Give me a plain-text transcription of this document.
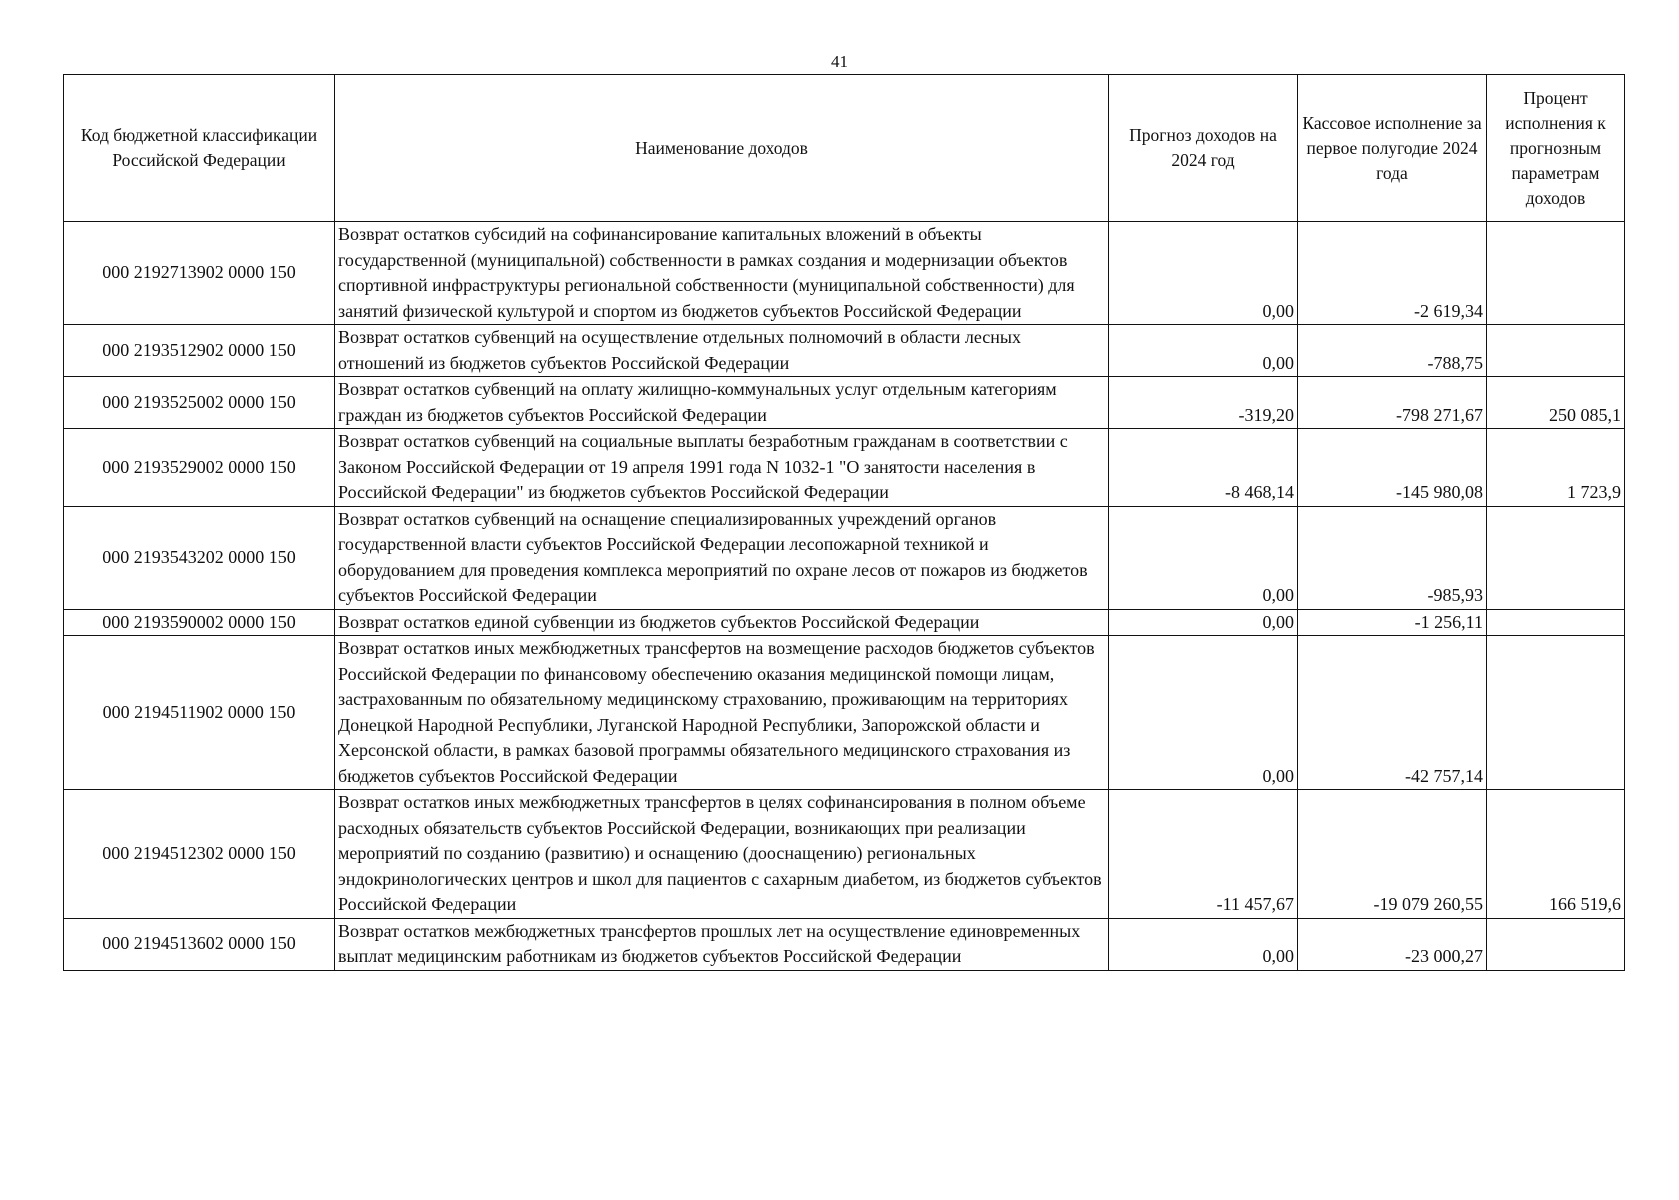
41
Код бюджетной классификации Российской Федерации	Наименование доходов	Прогноз доходов на 2024 год	Кассовое исполнение за первое полугодие 2024 года	Процент исполнения к прогнозным параметрам доходов
000 2192713902 0000 150	Возврат остатков субсидий на софинансирование капитальных вложений в объекты государственной (муниципальной) собственности в рамках создания и модернизации объектов спортивной инфраструктуры региональной собственности (муниципальной собственности) для занятий физической культурой и спортом из бюджетов субъектов Российской Федерации	0,00	-2 619,34	
000 2193512902 0000 150	Возврат остатков субвенций на осуществление отдельных полномочий в области лесных отношений из бюджетов субъектов Российской Федерации	0,00	-788,75	
000 2193525002 0000 150	Возврат остатков субвенций на оплату жилищно-коммунальных услуг отдельным категориям граждан из бюджетов субъектов Российской Федерации	-319,20	-798 271,67	250 085,1
000 2193529002 0000 150	Возврат остатков субвенций на социальные выплаты безработным гражданам в соответствии с Законом Российской Федерации от 19 апреля 1991 года N 1032-1 "О занятости населения в Российской Федерации" из бюджетов субъектов Российской Федерации	-8 468,14	-145 980,08	1 723,9
000 2193543202 0000 150	Возврат остатков субвенций на оснащение специализированных учреждений органов государственной власти субъектов Российской Федерации лесопожарной техникой и оборудованием для проведения комплекса мероприятий по охране лесов от пожаров из бюджетов субъектов Российской Федерации	0,00	-985,93	
000 2193590002 0000 150	Возврат остатков единой субвенции из бюджетов субъектов Российской Федерации	0,00	-1 256,11	
000 2194511902 0000 150	Возврат остатков иных межбюджетных трансфертов на возмещение расходов бюджетов субъектов Российской Федерации по финансовому обеспечению оказания медицинской помощи лицам, застрахованным по обязательному медицинскому страхованию, проживающим на территориях Донецкой Народной Республики, Луганской Народной Республики, Запорожской области и Херсонской области, в рамках базовой программы обязательного медицинского страхования из бюджетов субъектов Российской Федерации	0,00	-42 757,14	
000 2194512302 0000 150	Возврат остатков иных межбюджетных трансфертов в целях софинансирования в полном объеме расходных обязательств субъектов Российской Федерации, возникающих при реализации мероприятий по созданию (развитию) и оснащению (дооснащению) региональных эндокринологических центров и школ для пациентов с сахарным диабетом, из бюджетов субъектов Российской Федерации	-11 457,67	-19 079 260,55	166 519,6
000 2194513602 0000 150	Возврат остатков межбюджетных трансфертов прошлых лет на осуществление единовременных выплат медицинским работникам из бюджетов субъектов Российской Федерации	0,00	-23 000,27	
